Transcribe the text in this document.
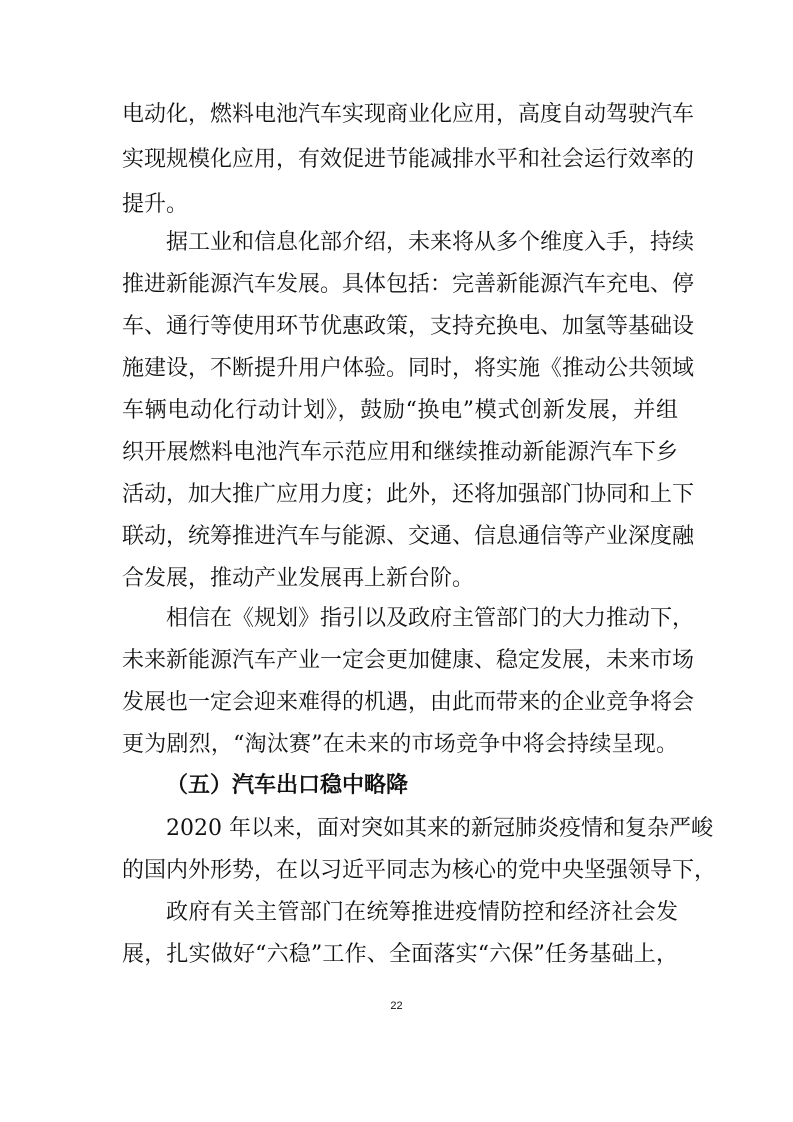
电动化，燃料电池汽车实现商业化应用，高度自动驾驶汽车
实现规模化应用，有效促进节能减排水平和社会运行效率的
提升。
据工业和信息化部介绍，未来将从多个维度入手，持续
推进新能源汽车发展。具体包括：完善新能源汽车充电、停
车、通行等使用环节优惠政策，支持充换电、加氢等基础设
施建设，不断提升用户体验。同时，将实施《推动公共领域
车辆电动化行动计划》，鼓励“换电”模式创新发展，并组
织开展燃料电池汽车示范应用和继续推动新能源汽车下乡
活动，加大推广应用力度；此外，还将加强部门协同和上下
联动，统筹推进汽车与能源、交通、信息通信等产业深度融
合发展，推动产业发展再上新台阶。
相信在《规划》指引以及政府主管部门的大力推动下，
未来新能源汽车产业一定会更加健康、稳定发展，未来市场
发展也一定会迎来难得的机遇，由此而带来的企业竞争将会
更为剧烈，“淘汰赛”在未来的市场竞争中将会持续呈现。
（五）汽车出口稳中略降
2020 年以来，面对突如其来的新冠肺炎疫情和复杂严峻
的国内外形势，在以习近平同志为核心的党中央坚强领导下，
政府有关主管部门在统筹推进疫情防控和经济社会发
展，扎实做好“六稳”工作、全面落实“六保”任务基础上，
22
